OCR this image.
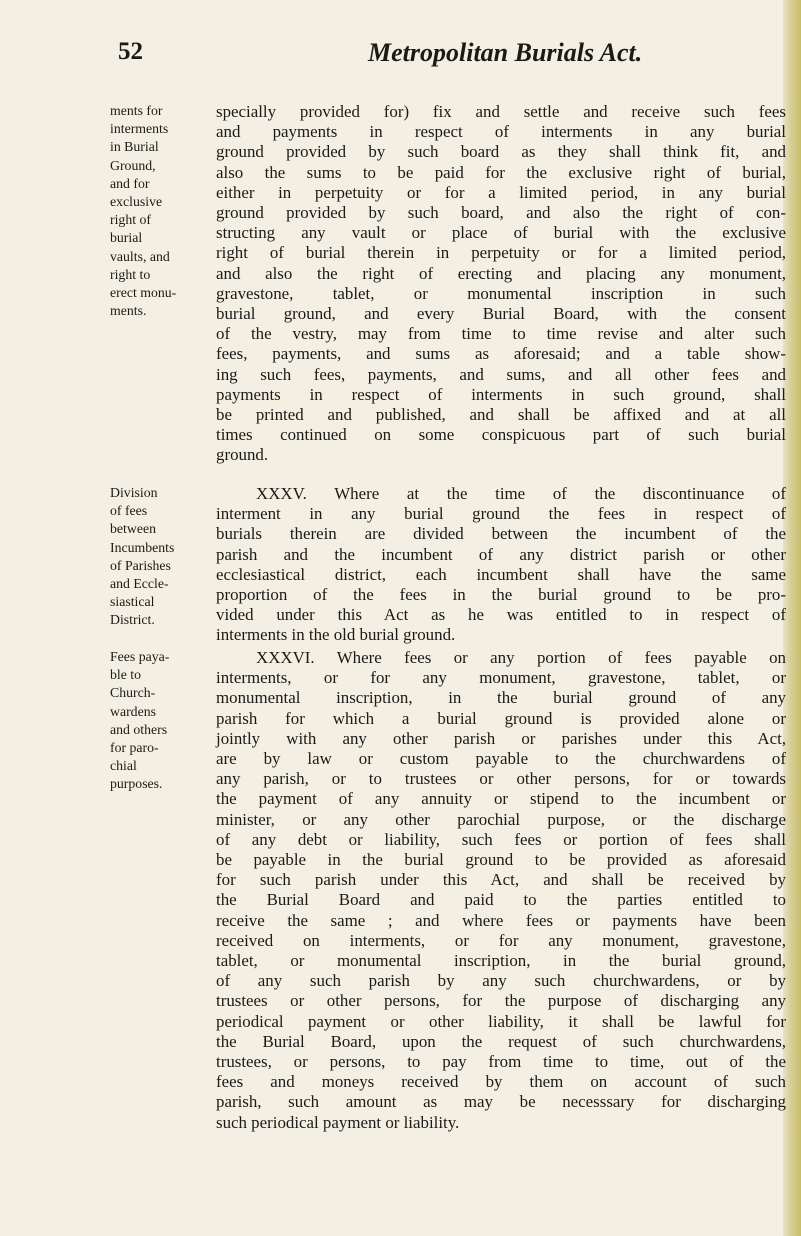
52	Metropolitan Burials Act.
ments for
interments
in Burial
Ground,
and for
exclusive
right of
burial
vaults, and
right to
erect monu-
ments.
specially provided for) fix and settle and receive such fees
and payments in respect of interments in any burial
ground provided by such board as they shall think fit, and
also the sums to be paid for the exclusive right of burial,
either in perpetuity or for a limited period, in any burial
ground provided by such board, and also the right of con-
structing any vault or place of burial with the exclusive
right of burial therein in perpetuity or for a limited period,
and also the right of erecting and placing any monument,
gravestone, tablet, or monumental inscription in such
burial ground, and every Burial Board, with the consent
of the vestry, may from time to time revise and alter such
fees, payments, and sums as aforesaid; and a table show-
ing such fees, payments, and sums, and all other fees and
payments in respect of interments in such ground, shall
be printed and published, and shall be affixed and at all
times continued on some conspicuous part of such burial
ground.
Division
of fees
between
Incumbents
of Parishes
and Eccle-
siastical
District.
XXXV. Where at the time of the discontinuance of
interment in any burial ground the fees in respect of
burials therein are divided between the incumbent of the
parish and the incumbent of any district parish or other
ecclesiastical district, each incumbent shall have the same
proportion of the fees in the burial ground to be pro-
vided under this Act as he was entitled to in respect of
interments in the old burial ground.
Fees paya-
ble to
Church-
wardens
and others
for paro-
chial
purposes.
XXXVI. Where fees or any portion of fees payable on
interments, or for any monument, gravestone, tablet, or
monumental inscription, in the burial ground of any
parish for which a burial ground is provided alone or
jointly with any other parish or parishes under this Act,
are by law or custom payable to the churchwardens of
any parish, or to trustees or other persons, for or towards
the payment of any annuity or stipend to the incumbent or
minister, or any other parochial purpose, or the discharge
of any debt or liability, such fees or portion of fees shall
be payable in the burial ground to be provided as aforesaid
for such parish under this Act, and shall be received by
the Burial Board and paid to the parties entitled to
receive the same ; and where fees or payments have been
received on interments, or for any monument, gravestone,
tablet, or monumental inscription, in the burial ground,
of any such parish by any such churchwardens, or by
trustees or other persons, for the purpose of discharging any
periodical payment or other liability, it shall be lawful for
the Burial Board, upon the request of such churchwardens,
trustees, or persons, to pay from time to time, out of the
fees and moneys received by them on account of such
parish, such amount as may be necesssary for discharging
such periodical payment or liability.
